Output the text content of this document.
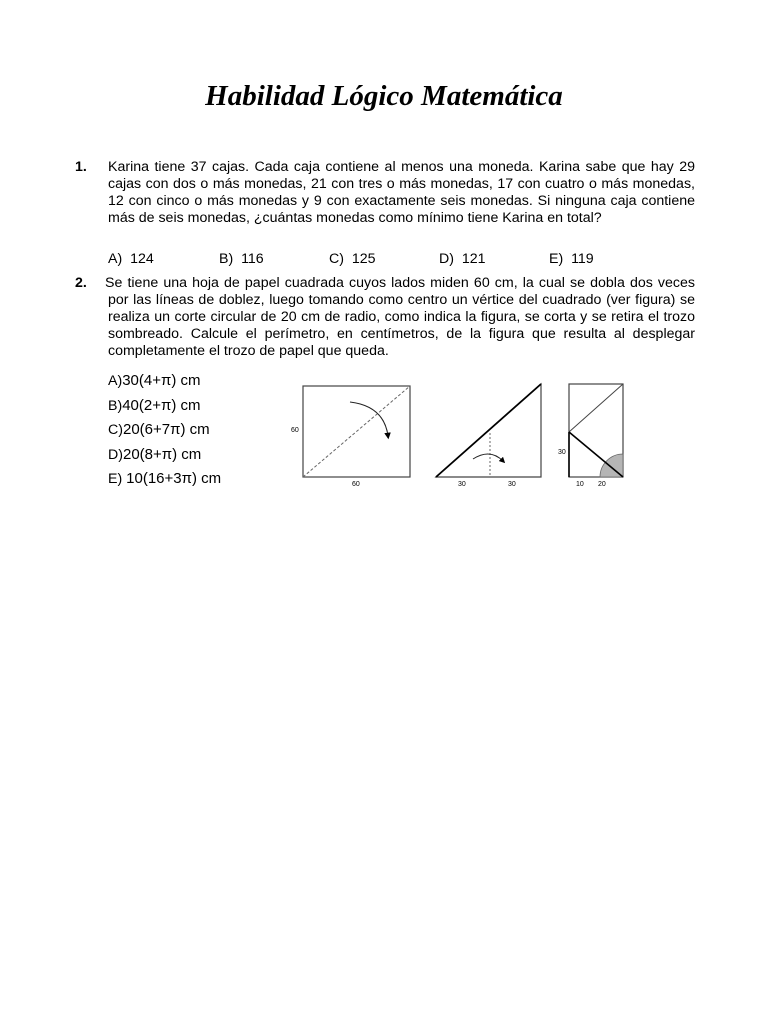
Habilidad Lógico Matemática
1. Karina tiene 37 cajas. Cada caja contiene al menos una moneda. Karina sabe que hay 29 cajas con dos o más monedas, 21 con tres o más monedas, 17 con cuatro o más monedas, 12 con cinco o más monedas y 9 con exactamente seis monedas. Si ninguna caja contiene más de seis monedas, ¿cuántas monedas como mínimo tiene Karina en total?

A) 124	B) 116	C) 125	D) 121	E) 119
2. Se tiene una hoja de papel cuadrada cuyos lados miden 60 cm, la cual se dobla dos veces por las líneas de doblez, luego tomando como centro un vértice del cuadrado (ver figura) se realiza un corte circular de 20 cm de radio, como indica la figura, se corta y se retira el trozo sombreado. Calcule el perímetro, en centímetros, de la figura que resulta al desplegar completamente el trozo de papel que queda.

A)30(4+π) cm
B)40(2+π) cm
C)20(6+7π) cm
D)20(8+π) cm
E) 10(16+3π) cm
60
60	30	30
30
10 20
